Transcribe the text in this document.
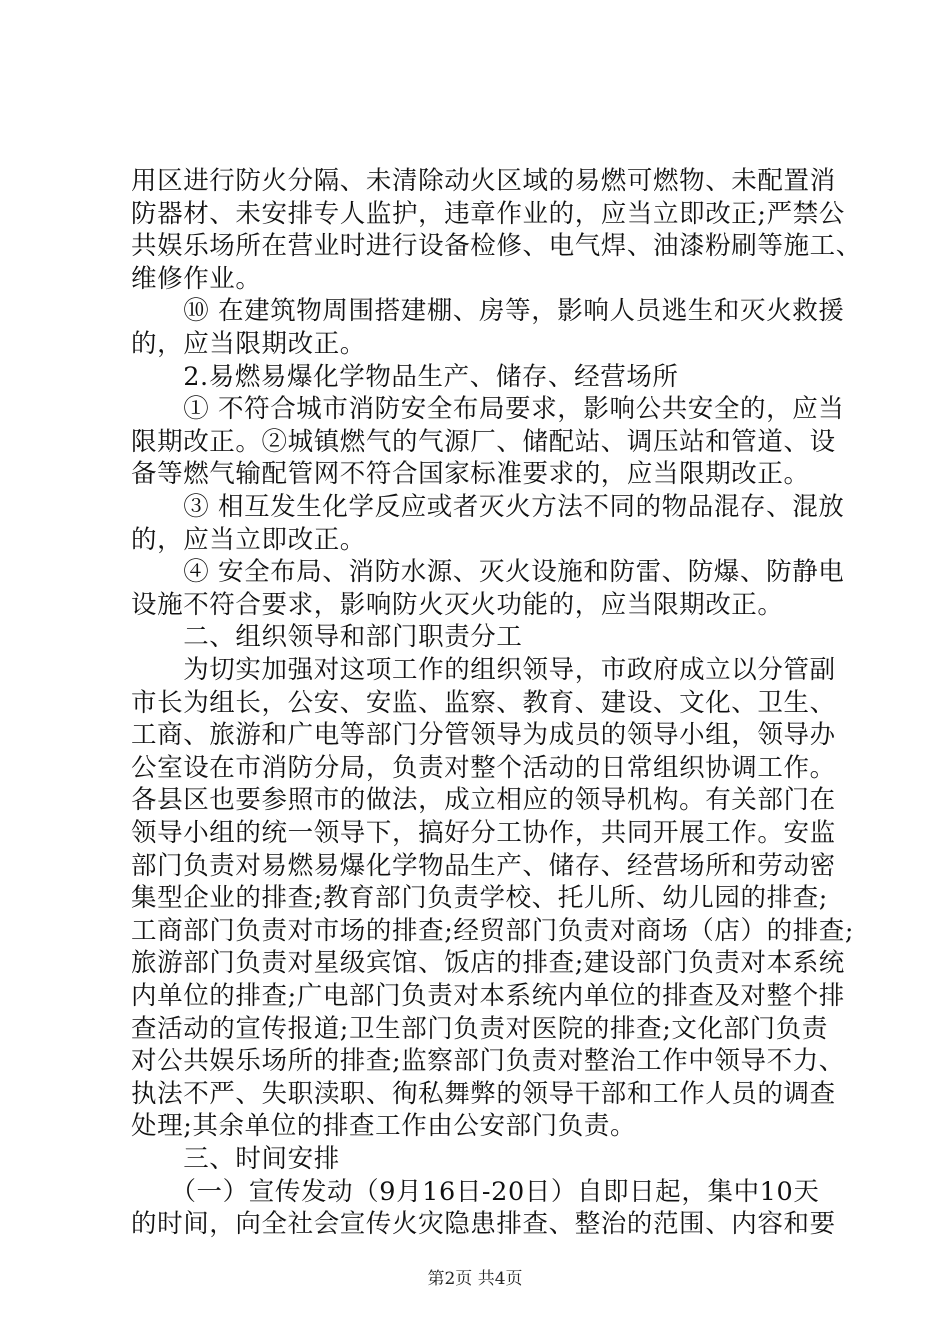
用区进行防火分隔、未清除动火区域的易燃可燃物、未配置消
防器材、未安排专人监护，违章作业的，应当立即改正;严禁公
共娱乐场所在营业时进行设备检修、电气焊、油漆粉刷等施工、
维修作业。
　　⑩ 在建筑物周围搭建棚、房等，影响人员逃生和灭火救援
的，应当限期改正。
　　2.易燃易爆化学物品生产、储存、经营场所
　　① 不符合城市消防安全布局要求，影响公共安全的，应当
限期改正。②城镇燃气的气源厂、储配站、调压站和管道、设
备等燃气输配管网不符合国家标准要求的，应当限期改正。
　　③ 相互发生化学反应或者灭火方法不同的物品混存、混放
的，应当立即改正。
　　④ 安全布局、消防水源、灭火设施和防雷、防爆、防静电
设施不符合要求，影响防火灭火功能的，应当限期改正。
　　二、组织领导和部门职责分工
　　为切实加强对这项工作的组织领导，市政府成立以分管副
市长为组长，公安、安监、监察、教育、建设、文化、卫生、
工商、旅游和广电等部门分管领导为成员的领导小组，领导办
公室设在市消防分局，负责对整个活动的日常组织协调工作。
各县区也要参照市的做法，成立相应的领导机构。有关部门在
领导小组的统一领导下，搞好分工协作，共同开展工作。安监
部门负责对易燃易爆化学物品生产、储存、经营场所和劳动密
集型企业的排查;教育部门负责学校、托儿所、幼儿园的排查;
工商部门负责对市场的排查;经贸部门负责对商场（店）的排查;
旅游部门负责对星级宾馆、饭店的排查;建设部门负责对本系统
内单位的排查;广电部门负责对本系统内单位的排查及对整个排
查活动的宣传报道;卫生部门负责对医院的排查;文化部门负责
对公共娱乐场所的排查;监察部门负责对整治工作中领导不力、
执法不严、失职渎职、徇私舞弊的领导干部和工作人员的调查
处理;其余单位的排查工作由公安部门负责。
　　三、时间安排
　　（一）宣传发动（9月16日-20日）自即日起，集中10天
的时间，向全社会宣传火灾隐患排查、整治的范围、内容和要
第2页 共4页
